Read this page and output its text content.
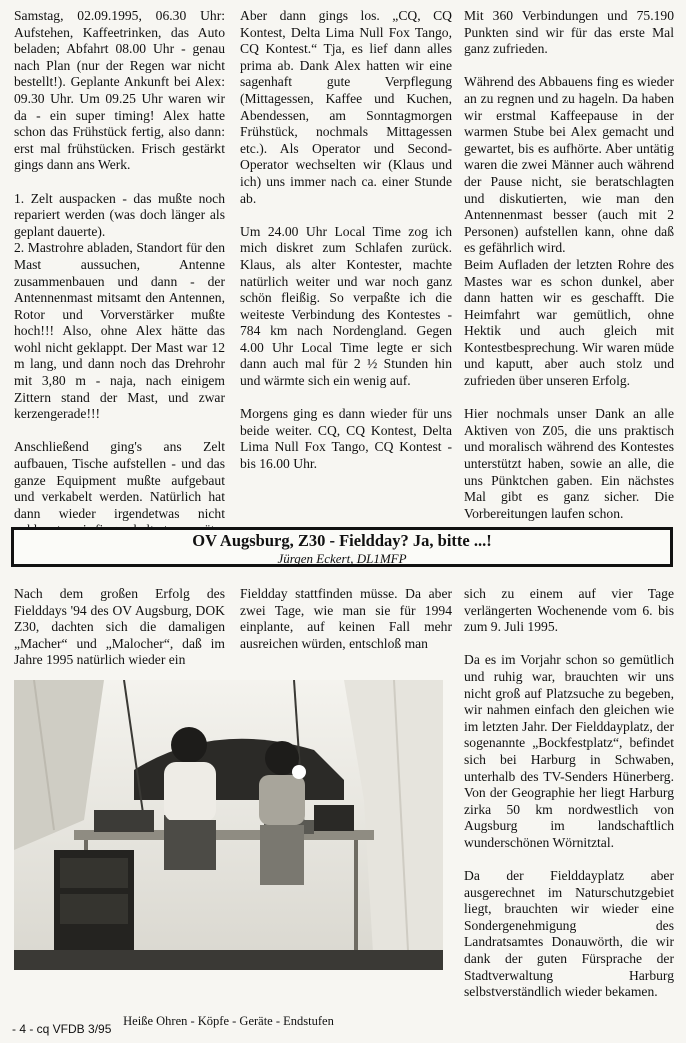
Samstag, 02.09.1995, 06.30 Uhr: Aufstehen, Kaffeetrinken, das Auto beladen; Abfahrt 08.00 Uhr - genau nach Plan (nur der Regen war nicht bestellt!). Geplante Ankunft bei Alex: 09.30 Uhr. Um 09.25 Uhr waren wir da - ein super timing! Alex hatte schon das Frühstück fertig, also dann: erst mal frühstücken. Frisch gestärkt gings dann ans Werk.

1. Zelt auspacken - das mußte noch repariert werden (was doch länger als geplant dauerte).

2. Mastrohre abladen, Standort für den Mast aussuchen, Antenne zusammenbauen und dann - der Antennenmast mitsamt den Antennen, Rotor und Vorverstärker mußte hoch!!! Also, ohne Alex hätte das wohl nicht geklappt. Der Mast war 12 m lang, und dann noch das Drehrohr mit 3,80 m - naja, nach einigem Zittern stand der Mast, und zwar kerzengerade!!!

Anschließend ging's ans Zelt aufbauen, Tische aufstellen - und das ganze Equipment mußte aufgebaut und verkabelt werden. Natürlich hat dann wieder irgendetwas nicht

Aber dann gings los. „CQ, CQ Kontest, Delta Lima Null Fox Tango, CQ Kontest.“ Tja, es lief dann alles prima ab. Dank Alex hatten wir eine sagenhaft gute Verpflegung (Mittagessen, Kaffee und Kuchen, Abendessen, am Sonntagmorgen Frühstück, nochmals Mittagessen etc.). Als Operator und Second-Operator wechselten wir (Klaus und ich) uns immer nach ca. einer Stunde ab.

Um 24.00 Uhr Local Time zog ich mich diskret zum Schlafen zurück. Klaus, als alter Kontester, machte natürlich weiter und war noch ganz schön fleißig. So verpaßte ich die weiteste Verbindung des Kontestes - 784 km nach Nordengland. Gegen 4.00 Uhr Local Time legte er sich dann auch mal für 2 ½ Stunden hin und wärmte sich ein wenig auf.

Morgens ging es dann wieder für uns beide weiter. CQ, CQ Kontest, Delta Lima Null Fox Tango, CQ Kontest - bis 16.00 Uhr.

Mit 360 Verbindungen und 75.190 Punkten sind wir für das erste Mal ganz zufrieden.

Während des Abbauens fing es wieder an zu regnen und zu hageln. Da haben wir erstmal Kaffeepause in der warmen Stube bei Alex gemacht und gewartet, bis es aufhörte. Aber untätig waren die zwei Männer auch während der Pause nicht, sie beratschlagten und diskutierten, wie man den Antennenmast besser (auch mit 2 Personen) aufstellen kann, ohne daß es gefährlich wird.

Beim Aufladen der letzten Rohre des Mastes war es schon dunkel, aber dann hatten wir es geschafft. Die Heimfahrt war gemütlich, ohne Hektik und auch gleich mit Kontestbesprechung. Wir waren müde und kaputt, aber auch stolz und zufrieden über unseren Erfolg.

Hier nochmals unser Dank an alle Aktiven von Z05, die uns praktisch und moralisch während des Kontestes unterstützt haben, sowie an alle, die uns Pünktchen gaben. Ein nächstes Mal gibt es ganz sicher. Die Vorbereitungen laufen schon.

OV Augsburg, Z30 - Fieldday? Ja, bitte ...!
Jürgen Eckert, DL1MFP

Nach dem großen Erfolg des Fielddays '94 des OV Augsburg, DOK Z30, dachten sich die damaligen „Macher“ und „Malocher“, daß im Jahre 1995 natürlich wieder ein

Fieldday stattfinden müsse. Da aber zwei Tage, wie man sie für 1994 einplante, auf keinen Fall mehr ausreichen würden, entschloß man

sich zu einem auf vier Tage verlängerten Wochenende vom 6. bis zum 9. Juli 1995.

Da es im Vorjahr schon so gemütlich und ruhig war, brauchten wir uns nicht groß auf Platzsuche zu begeben, wir nahmen einfach den gleichen wie im letzten Jahr. Der Fielddayplatz, der sogenannte „Bockfestplatz“, befindet sich bei Harburg in Schwaben, unterhalb des TV-Senders Hünerberg. Von der Geographie her liegt Harburg zirka 50 km nordwestlich von Augsburg im landschaftlich wunderschönen Wörnitztal.

Da der Fielddayplatz aber ausgerechnet im Naturschutzgebiet liegt, brauchten wir wieder eine Sondergenehmigung des Landratsamtes Donauwörth, die wir dank der guten Fürsprache der Stadtverwaltung Harburg selbstverständlich wieder bekamen.

Heiße Ohren - Köpfe - Geräte - Endstufen
- 4 - cq VFDB 3/95
